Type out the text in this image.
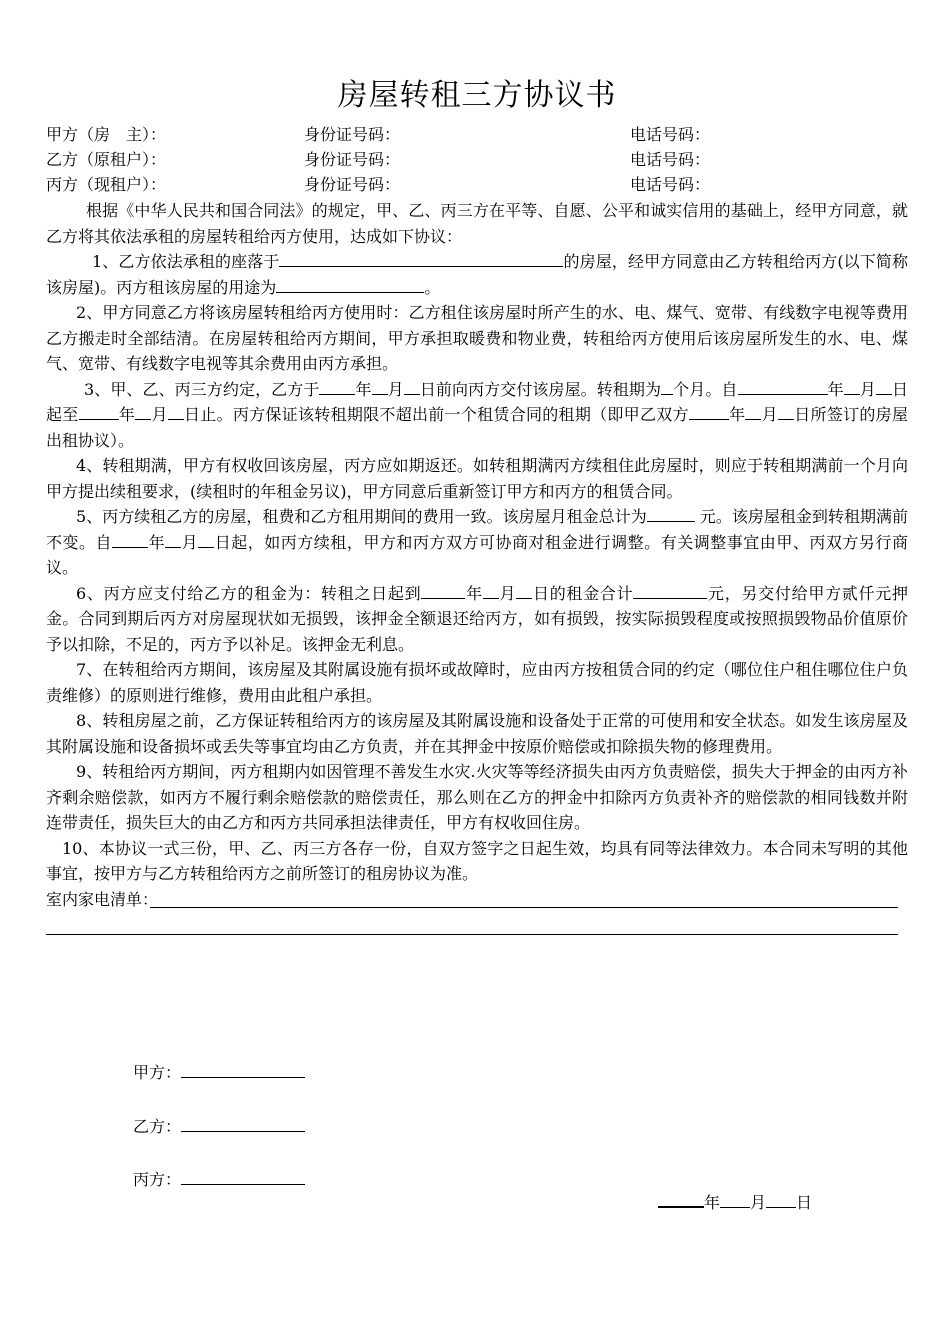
房屋转租三方协议书
甲方（房　主）：	身份证号码：	电话号码：
乙方（原租户）：	身份证号码：	电话号码：
丙方（现租户）：	身份证号码：	电话号码：

根据《中华人民共和国合同法》的规定，甲、乙、丙三方在平等、自愿、公平和诚实信用的基础上，经甲方同意，就乙方将其依法承租的房屋转租给丙方使用，达成如下协议：

1、乙方依法承租的座落于	的房屋，经甲方同意由乙方转租给丙方(以下简称该房屋)。丙方租该房屋的用途为	。

2、甲方同意乙方将该房屋转租给丙方使用时：乙方租住该房屋时所产生的水、电、煤气、宽带、有线数字电视等费用乙方搬走时全部结清。在房屋转租给丙方期间，甲方承担取暖费和物业费，转租给丙方使用后该房屋所发生的水、电、煤气、宽带、有线数字电视等其余费用由丙方承担。

3、甲、乙、丙三方约定，乙方于 年 月 日前向丙方交付该房屋。转租期为 个月。自	年 月 日起至	年 月 日止。丙方保证该转租期限不超出前一个租赁合同的租期（即甲乙双方	年 月 日所签订的房屋出租协议）。

4、转租期满，甲方有权收回该房屋，丙方应如期返还。如转租期满丙方续租住此房屋时，则应于转租期满前一个月向甲方提出续租要求，(续租时的年租金另议)，甲方同意后重新签订甲方和丙方的租赁合同。

5、丙方续租乙方的房屋，租费和乙方租用期间的费用一致。该房屋月租金总计为	元。该房屋租金到转租期满前不变。自 年 月 日起，如丙方续租，甲方和丙方双方可协商对租金进行调整。有关调整事宜由甲、丙双方另行商议。

6、丙方应支付给乙方的租金为：转租之日起到	年 月 日的租金合计	元，另交付给甲方贰仟元押金。合同到期后丙方对房屋现状如无损毁，该押金全额退还给丙方，如有损毁，按实际损毁程度或按照损毁物品价值原价予以扣除，不足的，丙方予以补足。该押金无利息。

7、在转租给丙方期间，该房屋及其附属设施有损坏或故障时，应由丙方按租赁合同的约定（哪位住户租住哪位住户负责维修）的原则进行维修，费用由此租户承担。

8、转租房屋之前，乙方保证转租给丙方的该房屋及其附属设施和设备处于正常的可使用和安全状态。如发生该房屋及其附属设施和设备损坏或丢失等事宜均由乙方负责，并在其押金中按原价赔偿或扣除损失物的修理费用。

9、转租给丙方期间，丙方租期内如因管理不善发生水灾.火灾等等经济损失由丙方负责赔偿，损失大于押金的由丙方补齐剩余赔偿款，如丙方不履行剩余赔偿款的赔偿责任，那么则在乙方的押金中扣除丙方负责补齐的赔偿款的相同钱数并附连带责任，损失巨大的由乙方和丙方共同承担法律责任，甲方有权收回住房。

10、本协议一式三份，甲、乙、丙三方各存一份，自双方签字之日起生效，均具有同等法律效力。本合同未写明的其他事宜，按甲方与乙方转租给丙方之前所签订的租房协议为准。

室内家电清单：
甲方：
乙方：
丙方：
年 月 日
